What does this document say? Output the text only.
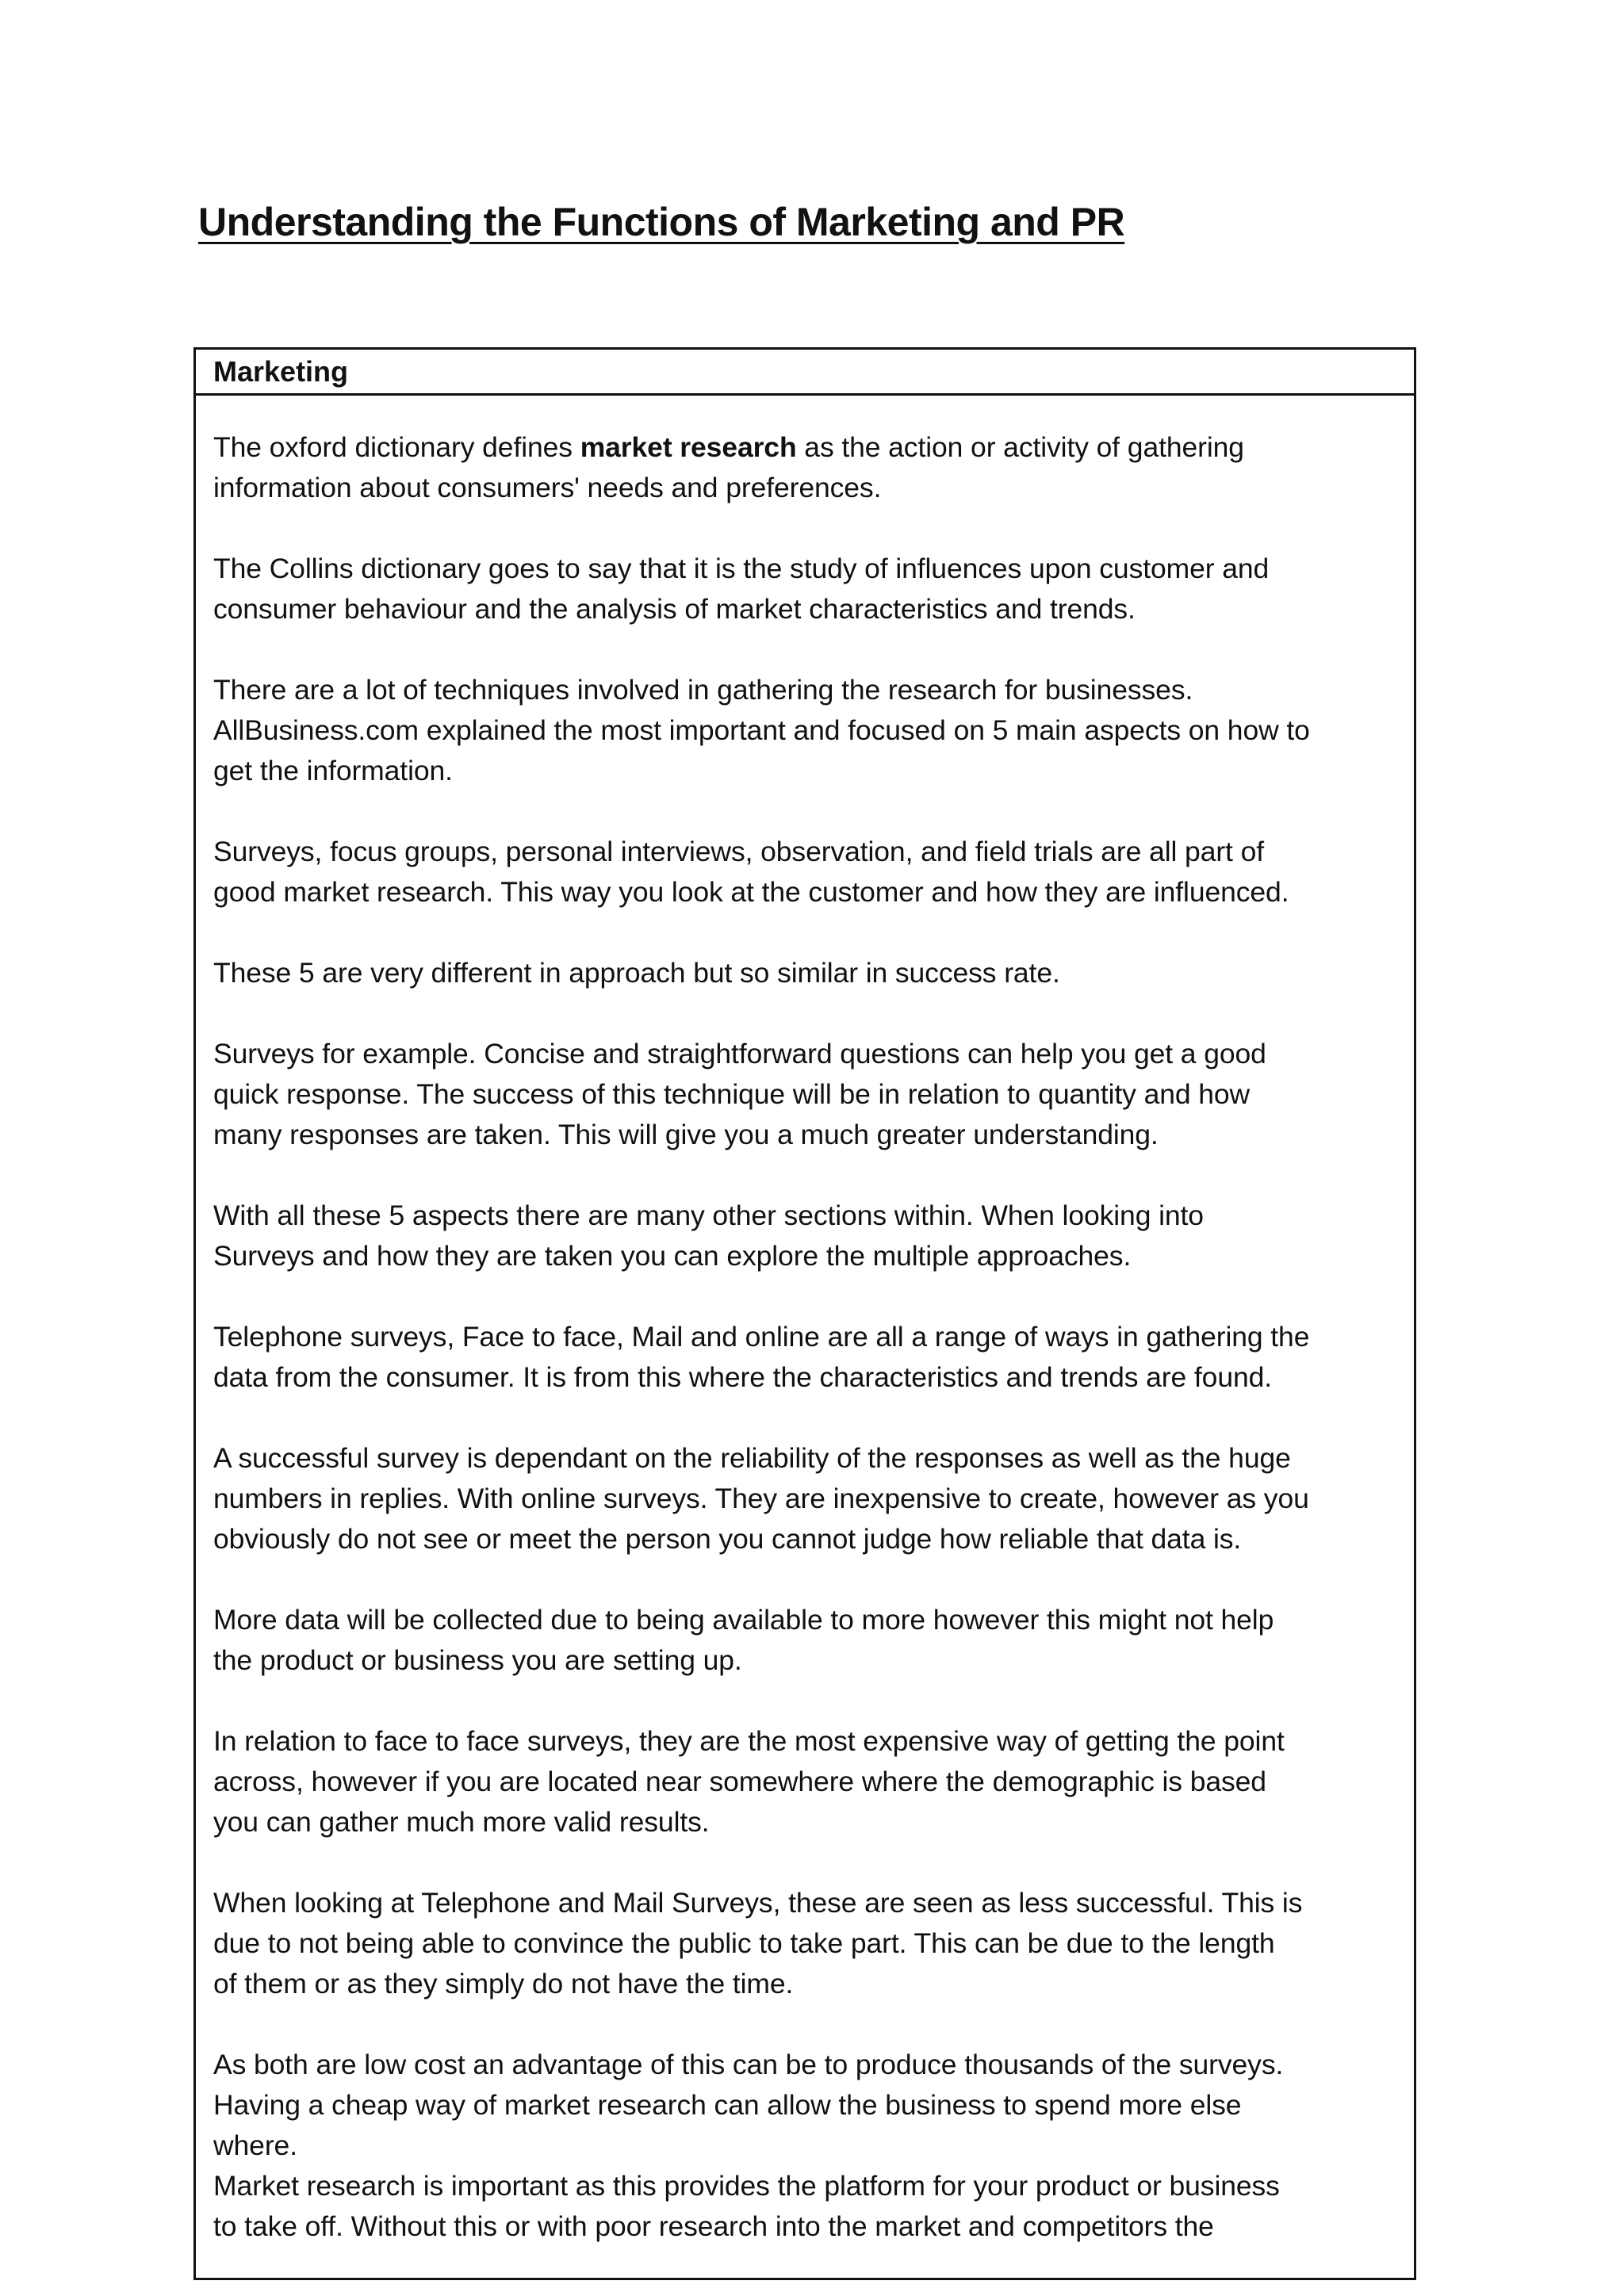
Understanding the Functions of Marketing and PR
Marketing

The oxford dictionary defines market research as the action or activity of gathering
information about consumers' needs and preferences.

The Collins dictionary goes to say that it is the study of influences upon customer and
consumer behaviour and the analysis of market characteristics and trends.

There are a lot of techniques involved in gathering the research for businesses.
AllBusiness.com explained the most important and focused on 5 main aspects on how to
get the information.

Surveys, focus groups, personal interviews, observation, and field trials are all part of
good market research. This way you look at the customer and how they are influenced.

These 5 are very different in approach but so similar in success rate.

Surveys for example. Concise and straightforward questions can help you get a good
quick response. The success of this technique will be in relation to quantity and how
many responses are taken. This will give you a much greater understanding.

With all these 5 aspects there are many other sections within. When looking into
Surveys and how they are taken you can explore the multiple approaches.

Telephone surveys, Face to face, Mail and online are all a range of ways in gathering the
data from the consumer. It is from this where the characteristics and trends are found.

A successful survey is dependant on the reliability of the responses as well as the huge
numbers in replies. With online surveys. They are inexpensive to create, however as you
obviously do not see or meet the person you cannot judge how reliable that data is.

More data will be collected due to being available to more however this might not help
the product or business you are setting up.

In relation to face to face surveys, they are the most expensive way of getting the point
across, however if you are located near somewhere where the demographic is based
you can gather much more valid results.

When looking at Telephone and Mail Surveys, these are seen as less successful. This is
due to not being able to convince the public to take part. This can be due to the length
of them or as they simply do not have the time.

As both are low cost an advantage of this can be to produce thousands of the surveys.
Having a cheap way of market research can allow the business to spend more else
where.

Market research is important as this provides the platform for your product or business
to take off. Without this or with poor research into the market and competitors the
